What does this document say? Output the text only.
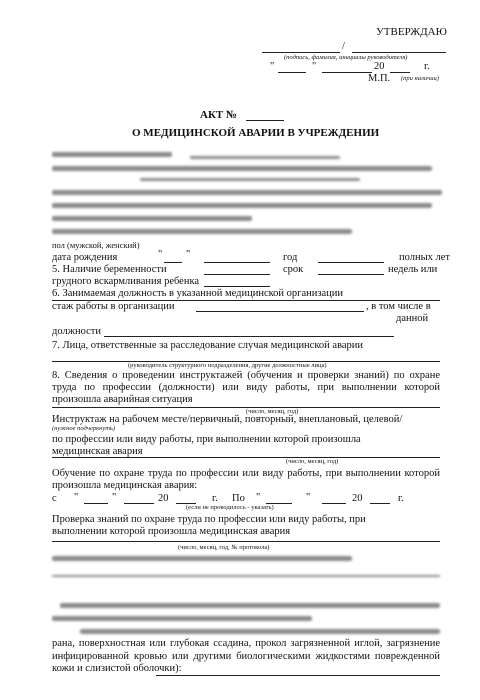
УТВЕРЖДАЮ
/
(подпись, фамилия, инициалы руководителя)
"	"	20	г.
М.П. (при наличии)
АКТ №
О МЕДИЦИНСКОЙ АВАРИИ В УЧРЕЖДЕНИИ
пол (мужской, женский)
дата рождения	" "	год	полных лет
5. Наличие беременности	срок	недель или
грудного вскармливания ребенка
6. Занимаемая должность в указанной медицинской организации
стаж работы в организации	, в том числе в
данной
должности
7. Лица, ответственные за расследование случая медицинской аварии
(руководитель структурного подразделения, другие должностные лица)
8. Сведения о проведении инструктажей (обучения и проверки знаний) по охране труда по профессии (должности) или виду работы, при выполнении которой произошла аварийная ситуация
(число, месяц, год)
Инструктаж на рабочем месте/первичный, повторный, внеплановый, целевой/
(нужное подчеркнуть)
по профессии или виду работы, при выполнении которой произошла
медицинская авария
(число, месяц, год)
Обучение по охране труда по профессии или виду работы, при выполнении которой произошла медицинская авария:
с "	"	20	г. По "	"	20	г.
(если не проводилось - указать)
Проверка знаний по охране труда по профессии или виду работы, при
выполнении которой произошла медицинская авария
(число, месяц, год, № протокола)
рана, поверхностная или глубокая ссадина, прокол загрязненной иглой, загрязнение инфицированной кровью или другими биологическими жидкостями поврежденной кожи и слизистой оболочки):
